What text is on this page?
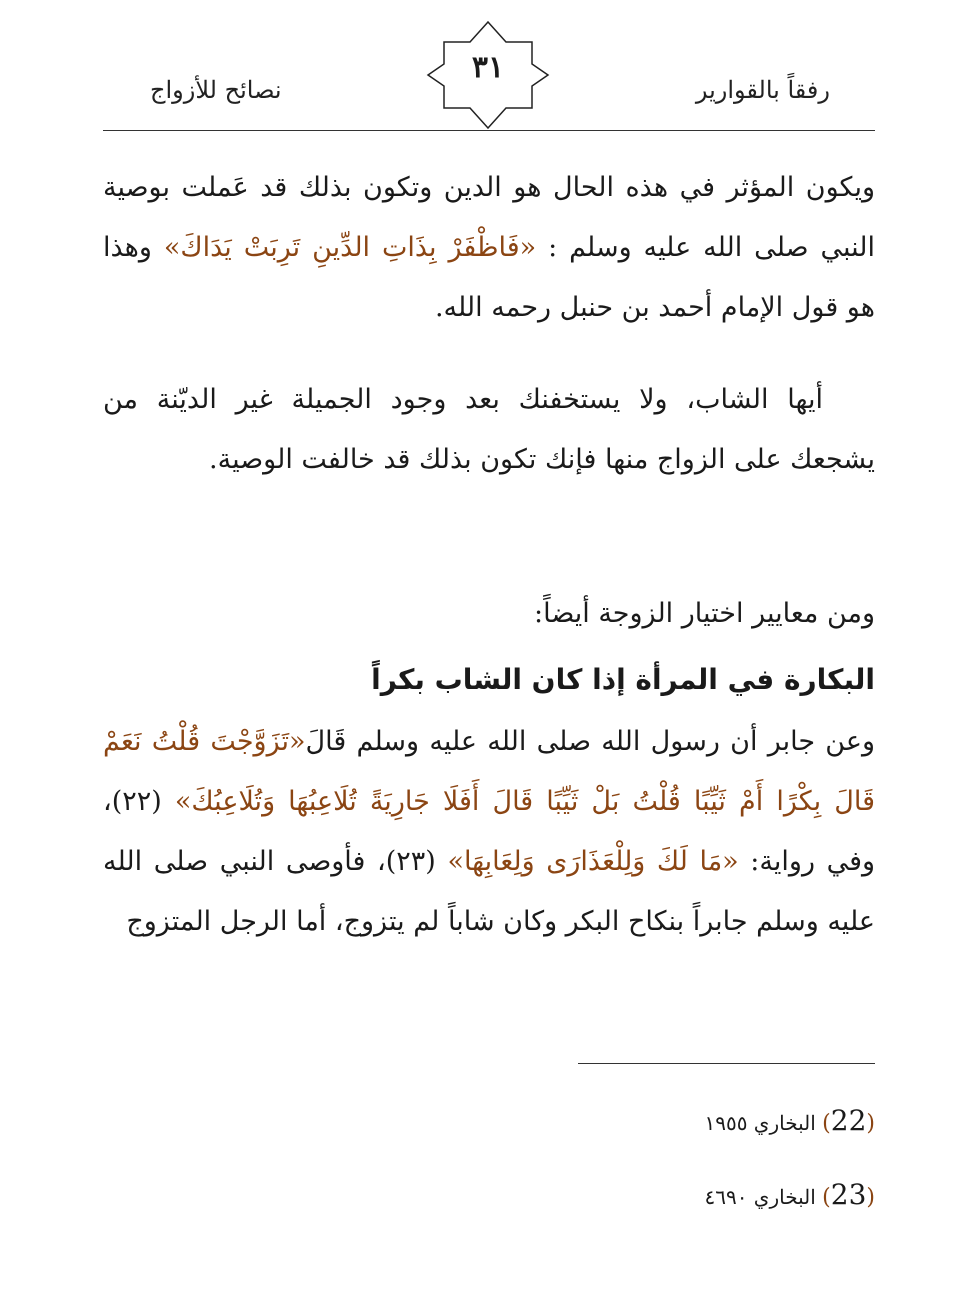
رفقاً بالقوارير
نصائح للأزواج
٣١
ويكون المؤثر في هذه الحال هو الدين وتكون بذلك قد عَملت بوصية النبي صلى الله عليه وسلم : «فَاظْفَرْ بِذَاتِ الدِّينِ تَرِبَتْ يَدَاكَ» وهذا هو قول الإمام أحمد بن حنبل رحمه الله.
أيها الشاب، ولا يستخفنك بعد وجود الجميلة غير الديّنة من يشجعك على الزواج منها فإنك تكون بذلك قد خالفت الوصية.
ومن معايير اختيار الزوجة أيضاً:
البكارة في المرأة إذا كان الشاب بكراً
وعن جابر أن رسول الله صلى الله عليه وسلم قَالَ«تَزَوَّجْتَ قُلْتُ نَعَمْ قَالَ بِكْرًا أَمْ ثَيِّبًا قُلْتُ بَلْ ثَيِّبًا قَالَ أَفَلَا جَارِيَةً تُلَاعِبُهَا وَتُلَاعِبُكَ» (٢٢)، وفي رواية: «مَا لَكَ وَلِلْعَذَارَى وَلِعَابِهَا» (٢٣)، فأوصى النبي صلى الله عليه وسلم جابراً بنكاح البكر وكان شاباً لم يتزوج، أما الرجل المتزوج
(22) البخاري ١٩٥٥
(23) البخاري ٤٦٩٠
